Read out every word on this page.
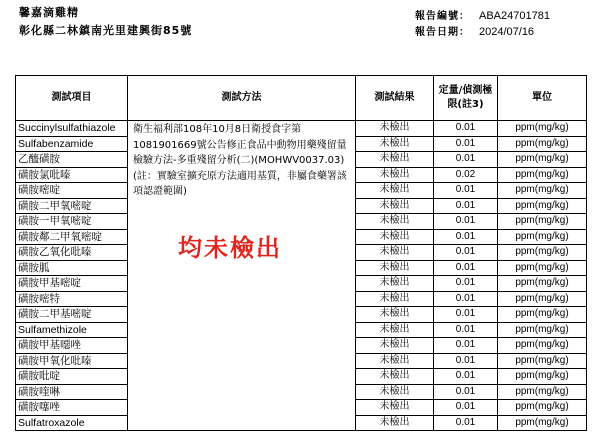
馨嘉滴雞精
彰化縣二林鎮南光里建興街85號
報告編號： ABA24701781
報告日期： 2024/07/16
測試項目	測試方法	測試結果	定量/偵測極限(註3)	單位
Succinylsulfathiazole	衛生福利部108年10月8日衛授食字第1081901669號公告修正食品中動物用藥殘留量檢驗方法-多重殘留分析(二)(MOHWV0037.03)(註：實驗室擴充原方法適用基質，非屬食藥署該項認證範圍)	未檢出	0.01	ppm(mg/kg)
Sulfabenzamide		未檢出	0.01	ppm(mg/kg)
乙醯磺胺		未檢出	0.01	ppm(mg/kg)
磺胺氯吡嗪		未檢出	0.02	ppm(mg/kg)
磺胺嘧啶		未檢出	0.01	ppm(mg/kg)
磺胺二甲氧嘧啶		未檢出	0.01	ppm(mg/kg)
磺胺一甲氧嘧啶		未檢出	0.01	ppm(mg/kg)
磺胺鄰二甲氧嘧啶		未檢出	0.01	ppm(mg/kg)
磺胺乙氧化吡嗪		未檢出	0.01	ppm(mg/kg)
磺胺胍		未檢出	0.01	ppm(mg/kg)
磺胺甲基嘧啶		未檢出	0.01	ppm(mg/kg)
磺胺嘧特		未檢出	0.01	ppm(mg/kg)
磺胺二甲基嘧啶		未檢出	0.01	ppm(mg/kg)
Sulfamethizole		未檢出	0.01	ppm(mg/kg)
磺胺甲基噁唑		未檢出	0.01	ppm(mg/kg)
磺胺甲氧化吡嗪		未檢出	0.01	ppm(mg/kg)
磺胺吡啶		未檢出	0.01	ppm(mg/kg)
磺胺喹啉		未檢出	0.01	ppm(mg/kg)
磺胺噻唑		未檢出	0.01	ppm(mg/kg)
Sulfatroxazole		未檢出	0.01	ppm(mg/kg)
均未檢出
